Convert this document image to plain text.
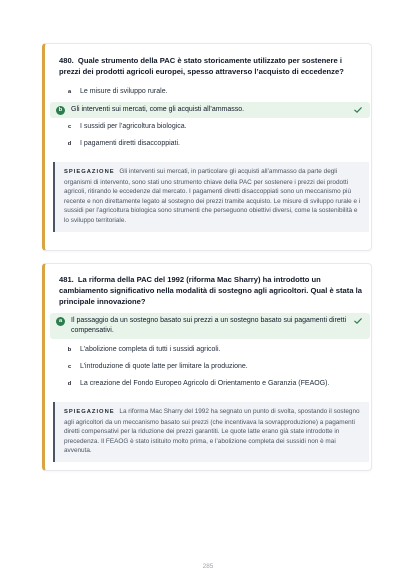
480. Quale strumento della PAC è stato storicamente utilizzato per sostenere i prezzi dei prodotti agricoli europei, spesso attraverso l’acquisto di eccedenze?
a	Le misure di sviluppo rurale.
b	Gli interventi sui mercati, come gli acquisti all’ammasso.
c	I sussidi per l’agricoltura biologica.
d	I pagamenti diretti disaccoppiati.
SPIEGAZIONE Gli interventi sui mercati, in particolare gli acquisti all’ammasso da parte degli organismi di intervento, sono stati uno strumento chiave della PAC per sostenere i prezzi dei prodotti agricoli, ritirando le eccedenze dal mercato. I pagamenti diretti disaccoppiati sono un meccanismo più recente e non direttamente legato al sostegno dei prezzi tramite acquisto. Le misure di sviluppo rurale e i sussidi per l’agricoltura biologica sono strumenti che perseguono obiettivi diversi, come la sostenibilità e lo sviluppo territoriale.
481. La riforma della PAC del 1992 (riforma Mac Sharry) ha introdotto un cambiamento significativo nella modalità di sostegno agli agricoltori. Qual è stata la principale innovazione?
a	Il passaggio da un sostegno basato sui prezzi a un sostegno basato sui pagamenti diretti compensativi.
b	L’abolizione completa di tutti i sussidi agricoli.
c	L’introduzione di quote latte per limitare la produzione.
d	La creazione del Fondo Europeo Agricolo di Orientamento e Garanzia (FEAOG).
SPIEGAZIONE La riforma Mac Sharry del 1992 ha segnato un punto di svolta, spostando il sostegno agli agricoltori da un meccanismo basato sui prezzi (che incentivava la sovrapproduzione) a pagamenti diretti compensativi per la riduzione dei prezzi garantiti. Le quote latte erano già state introdotte in precedenza. Il FEAOG è stato istituito molto prima, e l’abolizione completa dei sussidi non è mai avvenuta.
285
